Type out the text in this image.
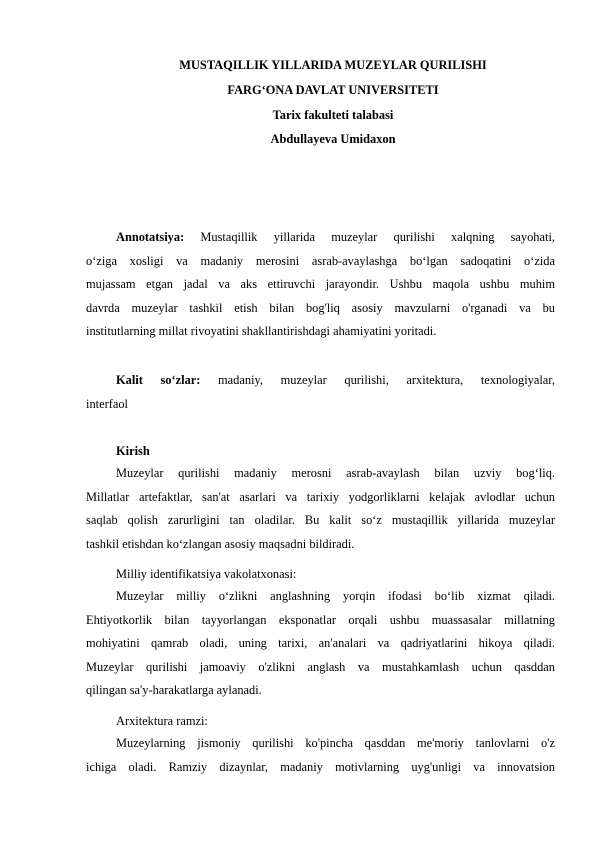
MUSTAQILLIK YILLARIDA MUZEYLAR QURILISHI
FARG‘ONA DAVLAT UNIVERSITETI
Tarix fakulteti talabasi
Abdullayeva Umidaxon
Annotatsiya: Mustaqillik yillarida muzeylar qurilishi xalqning sayohati,
o‘ziga xosligi va madaniy merosini asrab-avaylashga bo‘lgan sadoqatini o‘zida
mujassam etgan jadal va aks ettiruvchi jarayondir. Ushbu maqola ushbu muhim
davrda muzeylar tashkil etish bilan bog'liq asosiy mavzularni o'rganadi va bu
institutlarning millat rivoyatini shakllantirishdagi ahamiyatini yoritadi.
Kalit so‘zlar: madaniy, muzeylar qurilishi, arxitektura, texnologiyalar,
interfaol
Kirish
Muzeylar qurilishi madaniy merosni asrab-avaylash bilan uzviy bog‘liq.
Millatlar artefaktlar, san'at asarlari va tarixiy yodgorliklarni kelajak avlodlar uchun
saqlab qolish zarurligini tan oladilar. Bu kalit so‘z mustaqillik yillarida muzeylar
tashkil etishdan ko‘zlangan asosiy maqsadni bildiradi.
Milliy identifikatsiya vakolatxonasi:
Muzeylar milliy o‘zlikni anglashning yorqin ifodasi bo‘lib xizmat qiladi.
Ehtiyotkorlik bilan tayyorlangan eksponatlar orqali ushbu muassasalar millatning
mohiyatini qamrab oladi, uning tarixi, an'analari va qadriyatlarini hikoya qiladi.
Muzeylar qurilishi jamoaviy o'zlikni anglash va mustahkamlash uchun qasddan
qilingan sa'y-harakatlarga aylanadi.
Arxitektura ramzi:
Muzeylarning jismoniy qurilishi ko'pincha qasddan me'moriy tanlovlarni o'z
ichiga oladi. Ramziy dizaynlar, madaniy motivlarning uyg'unligi va innovatsion
